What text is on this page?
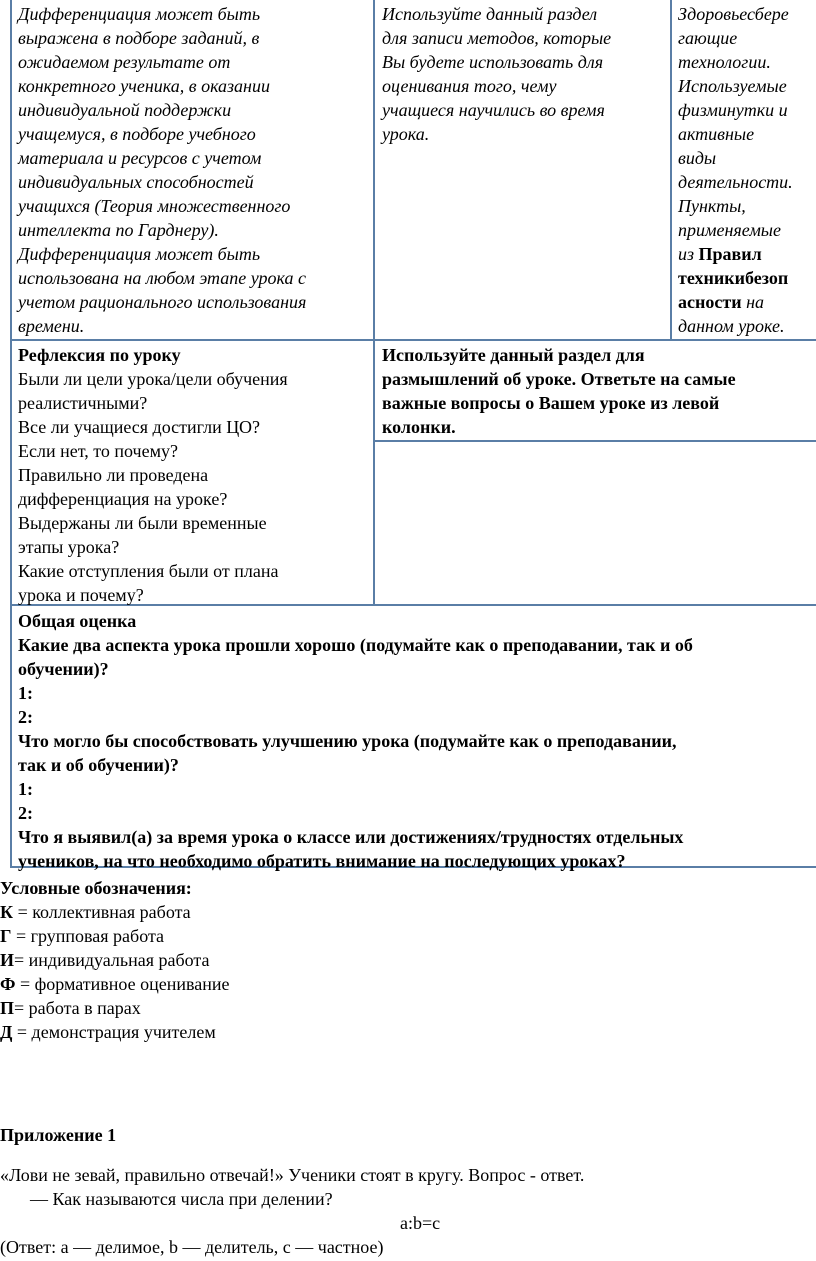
Дифференциация может быть
выражена в подборе заданий, в
ожидаемом результате от
конкретного ученика, в оказании
индивидуальной поддержки
учащемуся, в подборе учебного
материала и ресурсов с учетом
индивидуальных способностей
учащихся (Теория множественного
интеллекта по Гарднеру).
Дифференциация может быть
использована на любом этапе урока с
учетом рационального использования
времени.
Используйте данный раздел
для записи методов, которые
Вы будете использовать для
оценивания того, чему
учащиеся научились во время
урока.
Здоровьесбере
гающие
технологии.
Используемые
физминутки и
активные
виды
деятельности.
Пункты,
применяемые
из Правил
техникибезоп
асности на
данном уроке.
Рефлексия по уроку
Были ли цели урока/цели обучения
реалистичными?
Все ли учащиеся достигли ЦО?
Если нет, то почему?
Правильно ли проведена
дифференциация на уроке?
Выдержаны ли были временные
этапы урока?
Какие отступления были от плана
урока и почему?
Используйте данный раздел для
размышлений об уроке. Ответьте на самые
важные вопросы о Вашем уроке из левой
колонки.
Общая оценка
Какие два аспекта урока прошли хорошо (подумайте как о преподавании, так и об
обучении)?
1:
2:
Что могло бы способствовать улучшению урока (подумайте как о преподавании,
так и об обучении)?
1:
2:
Что я выявил(а) за время урока о классе или достижениях/трудностях отдельных
учеников, на что необходимо обратить внимание на последующих уроках?
Условные обозначения:
К = коллективная работа
Г = групповая работа
И= индивидуальная работа
Ф = формативное оценивание
П= работа в парах
Д = демонстрация учителем
Приложение 1
«Лови не зевай, правильно отвечай!» Ученики стоят в кругу. Вопрос - ответ.
— Как называются числа при делении?
a:b=c
(Ответ: а — делимое, b — делитель, c — частное)
